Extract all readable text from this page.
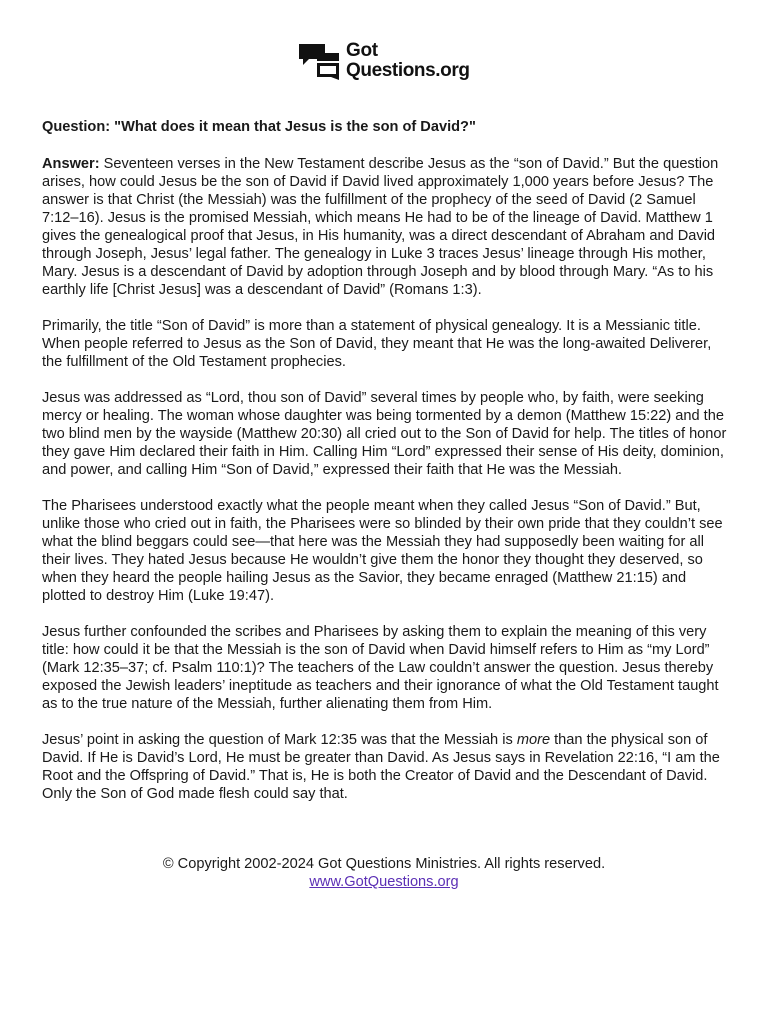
Got
Questions.org
Question: "What does it mean that Jesus is the son of David?"

Answer: Seventeen verses in the New Testament describe Jesus as the “son of David.” But the question arises, how could Jesus be the son of David if David lived approximately 1,000 years before Jesus? The answer is that Christ (the Messiah) was the fulfillment of the prophecy of the seed of David (2 Samuel 7:12–16). Jesus is the promised Messiah, which means He had to be of the lineage of David. Matthew 1 gives the genealogical proof that Jesus, in His humanity, was a direct descendant of Abraham and David through Joseph, Jesus’ legal father. The genealogy in Luke 3 traces Jesus’ lineage through His mother, Mary. Jesus is a descendant of David by adoption through Joseph and by blood through Mary. “As to his earthly life [Christ Jesus] was a descendant of David” (Romans 1:3).

Primarily, the title “Son of David” is more than a statement of physical genealogy. It is a Messianic title. When people referred to Jesus as the Son of David, they meant that He was the long-awaited Deliverer, the fulfillment of the Old Testament prophecies.

Jesus was addressed as “Lord, thou son of David” several times by people who, by faith, were seeking mercy or healing. The woman whose daughter was being tormented by a demon (Matthew 15:22) and the two blind men by the wayside (Matthew 20:30) all cried out to the Son of David for help. The titles of honor they gave Him declared their faith in Him. Calling Him “Lord” expressed their sense of His deity, dominion, and power, and calling Him “Son of David,” expressed their faith that He was the Messiah.

The Pharisees understood exactly what the people meant when they called Jesus “Son of David.” But, unlike those who cried out in faith, the Pharisees were so blinded by their own pride that they couldn’t see what the blind beggars could see—that here was the Messiah they had supposedly been waiting for all their lives. They hated Jesus because He wouldn’t give them the honor they thought they deserved, so when they heard the people hailing Jesus as the Savior, they became enraged (Matthew 21:15) and plotted to destroy Him (Luke 19:47).

Jesus further confounded the scribes and Pharisees by asking them to explain the meaning of this very title: how could it be that the Messiah is the son of David when David himself refers to Him as “my Lord” (Mark 12:35–37; cf. Psalm 110:1)? The teachers of the Law couldn’t answer the question. Jesus thereby exposed the Jewish leaders’ ineptitude as teachers and their ignorance of what the Old Testament taught as to the true nature of the Messiah, further alienating them from Him.

Jesus’ point in asking the question of Mark 12:35 was that the Messiah is more than the physical son of David. If He is David’s Lord, He must be greater than David. As Jesus says in Revelation 22:16, “I am the Root and the Offspring of David.” That is, He is both the Creator of David and the Descendant of David. Only the Son of God made flesh could say that.

© Copyright 2002-2024 Got Questions Ministries. All rights reserved.
www.GotQuestions.org
